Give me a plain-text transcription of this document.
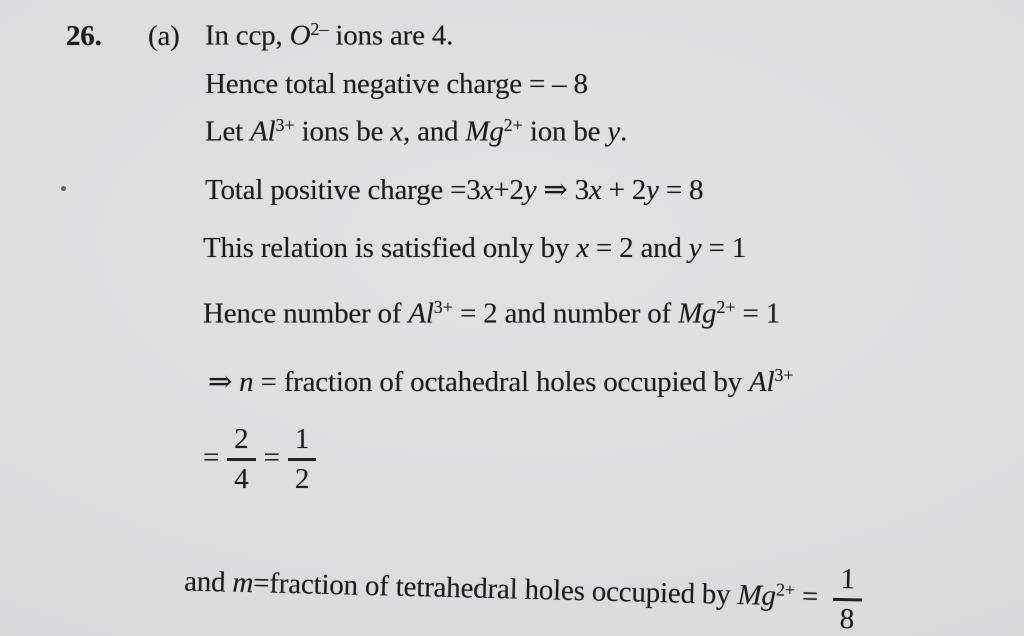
26. (a) In ccp, $O^{2-}$ ions are 4.
Hence total negative charge = – 8
Let $Al^{3+}$ ions be x, and $Mg^{2+}$ ion be y.
Total positive charge =3x+2y ⇒ 3x + 2y = 8
This relation is satisfied only by x = 2 and y = 1
Hence number of $Al^{3+} = 2$ and number of $Mg^{2+} = 1$
⇒ n = fraction of octahedral holes occupied by $Al^{3+}$
= $\frac{2}{4} = \frac{1}{2}$
and m=fraction of tetrahedral holes occupied by $Mg^{2+} = \frac{1}{8}$
